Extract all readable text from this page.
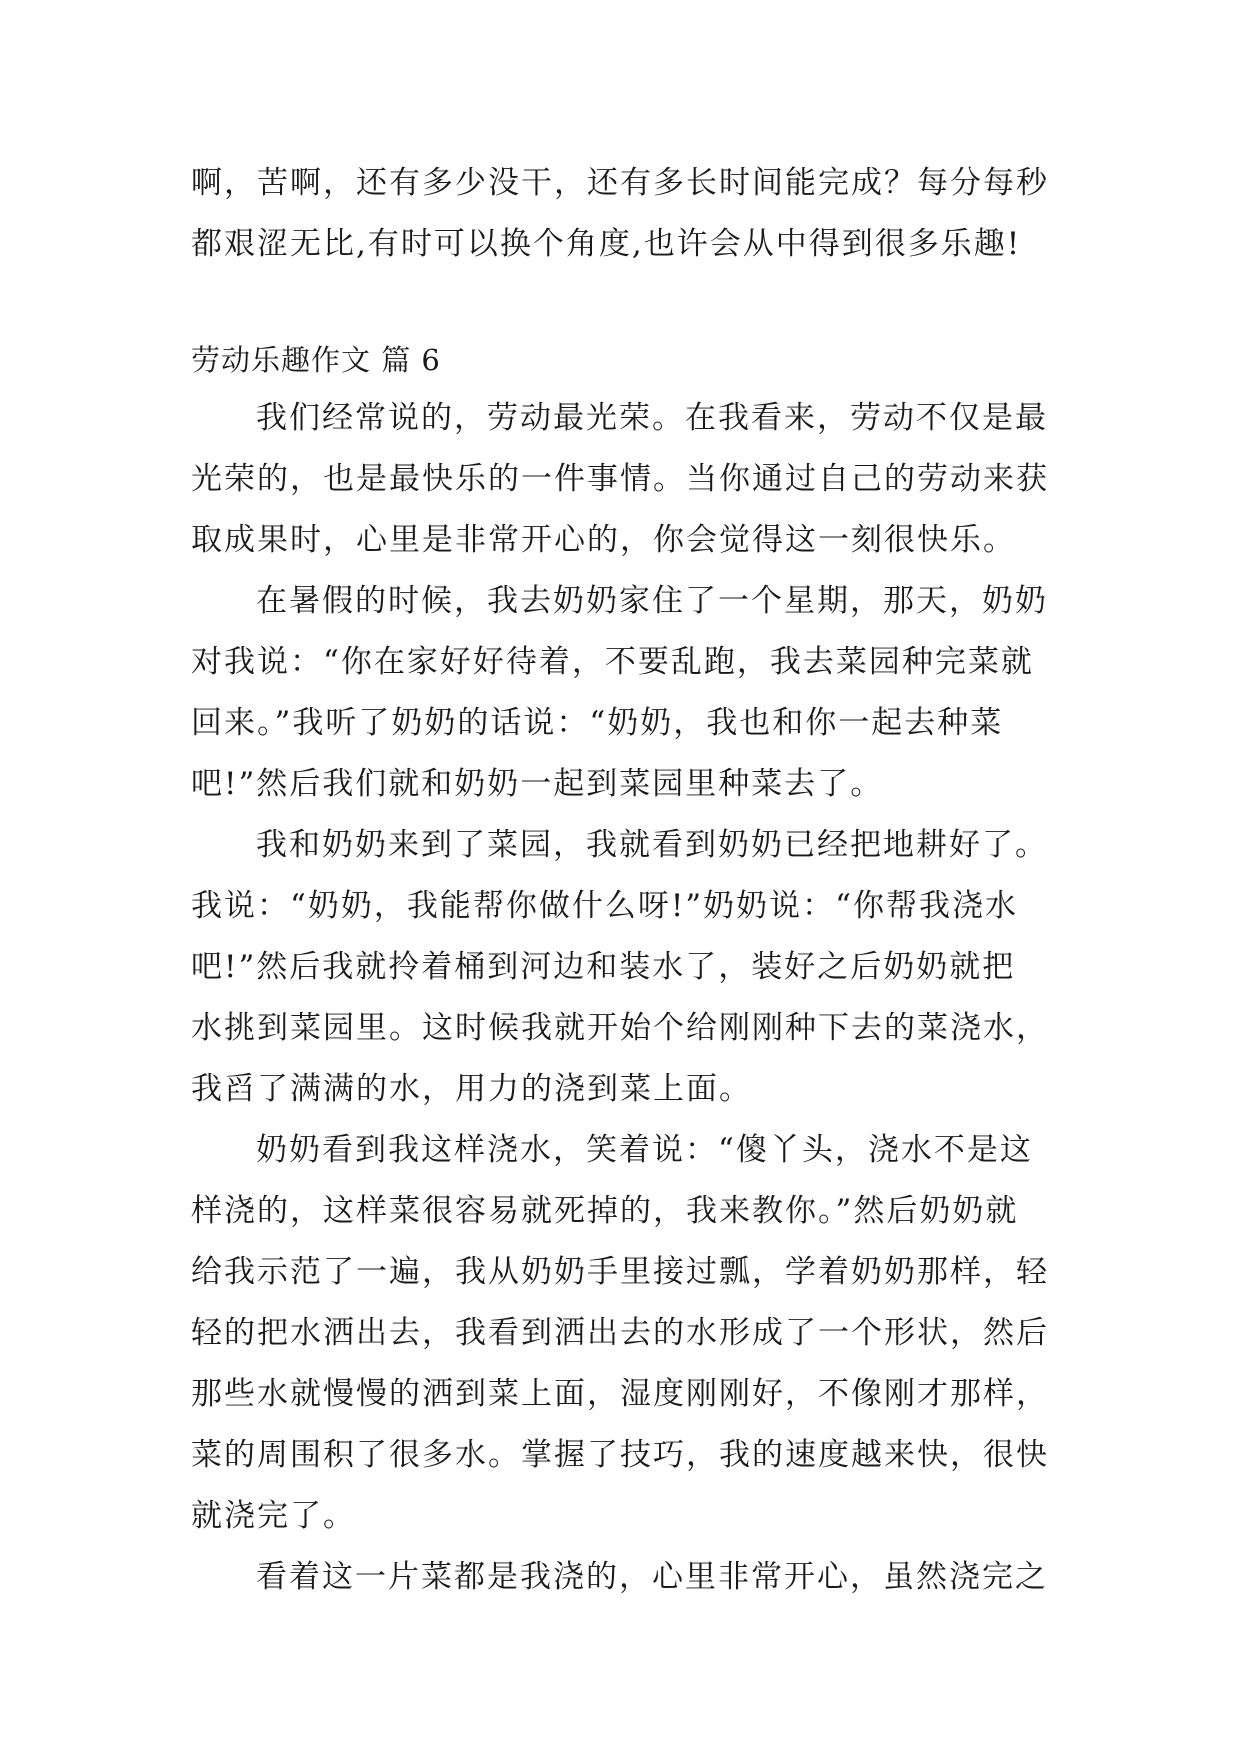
啊，苦啊，还有多少没干，还有多长时间能完成？每分每秒
都艰涩无比,有时可以换个角度,也许会从中得到很多乐趣!
劳动乐趣作文 篇 6
我们经常说的，劳动最光荣。在我看来，劳动不仅是最
光荣的，也是最快乐的一件事情。当你通过自己的劳动来获
取成果时，心里是非常开心的，你会觉得这一刻很快乐。
在暑假的时候，我去奶奶家住了一个星期，那天，奶奶
对我说：“你在家好好待着，不要乱跑，我去菜园种完菜就
回来。”我听了奶奶的话说：“奶奶，我也和你一起去种菜
吧!”然后我们就和奶奶一起到菜园里种菜去了。
我和奶奶来到了菜园，我就看到奶奶已经把地耕好了。
我说：“奶奶，我能帮你做什么呀!”奶奶说：“你帮我浇水
吧!”然后我就拎着桶到河边和装水了，装好之后奶奶就把
水挑到菜园里。这时候我就开始个给刚刚种下去的菜浇水，
我舀了满满的水，用力的浇到菜上面。
奶奶看到我这样浇水，笑着说：“傻丫头，浇水不是这
样浇的，这样菜很容易就死掉的，我来教你。”然后奶奶就
给我示范了一遍，我从奶奶手里接过瓢，学着奶奶那样，轻
轻的把水洒出去，我看到洒出去的水形成了一个形状，然后
那些水就慢慢的洒到菜上面，湿度刚刚好，不像刚才那样，
菜的周围积了很多水。掌握了技巧，我的速度越来快，很快
就浇完了。
看着这一片菜都是我浇的，心里非常开心，虽然浇完之
